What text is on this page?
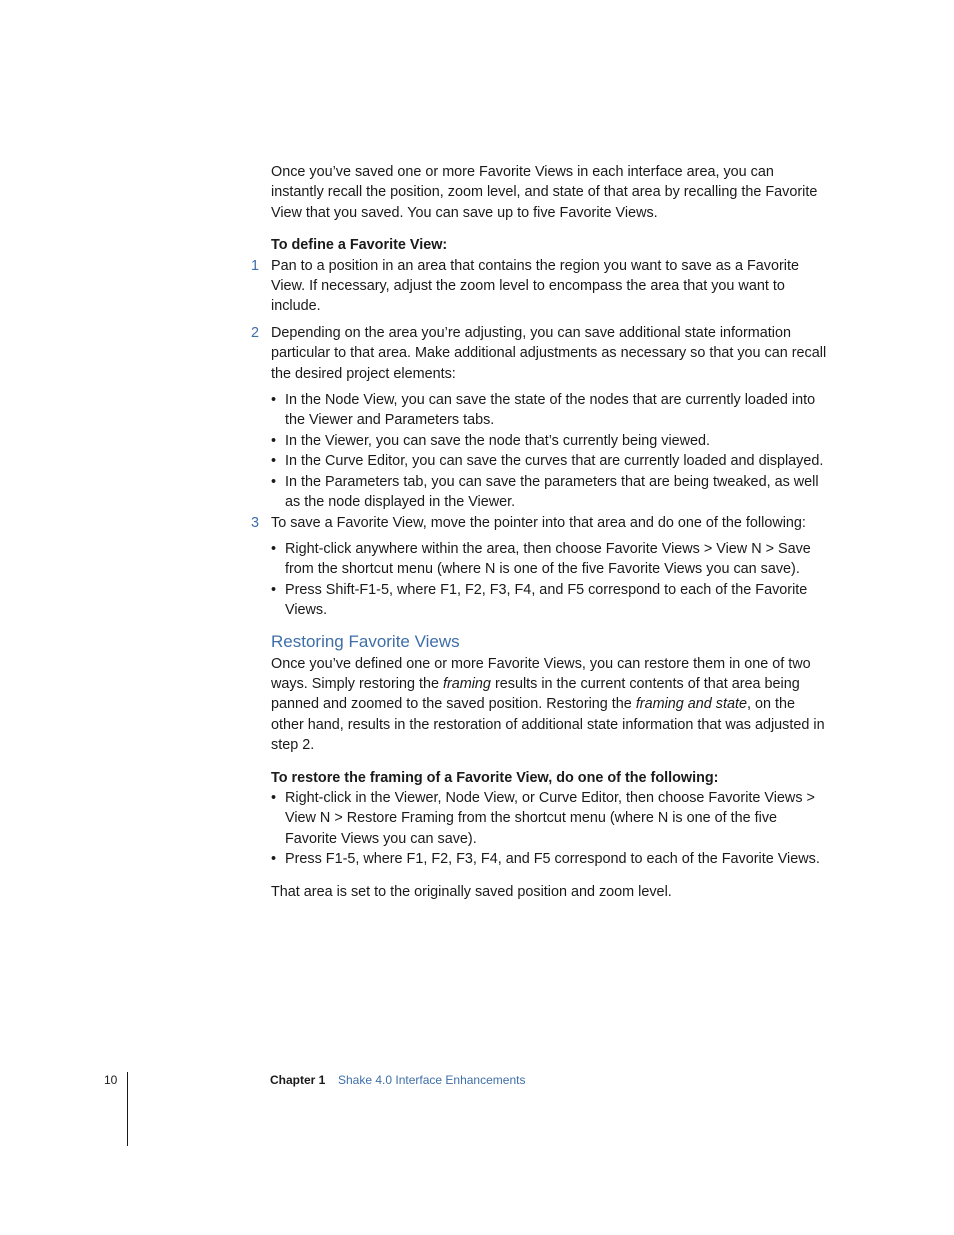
Once you’ve saved one or more Favorite Views in each interface area, you can instantly recall the position, zoom level, and state of that area by recalling the Favorite View that you saved. You can save up to five Favorite Views.

To define a Favorite View:

1 Pan to a position in an area that contains the region you want to save as a Favorite View. If necessary, adjust the zoom level to encompass the area that you want to include.

2 Depending on the area you’re adjusting, you can save additional state information particular to that area. Make additional adjustments as necessary so that you can recall the desired project elements:

• In the Node View, you can save the state of the nodes that are currently loaded into the Viewer and Parameters tabs.
• In the Viewer, you can save the node that’s currently being viewed.
• In the Curve Editor, you can save the curves that are currently loaded and displayed.
• In the Parameters tab, you can save the parameters that are being tweaked, as well as the node displayed in the Viewer.
3 To save a Favorite View, move the pointer into that area and do one of the following:

• Right-click anywhere within the area, then choose Favorite Views > View N > Save from the shortcut menu (where N is one of the five Favorite Views you can save).
• Press Shift-F1-5, where F1, F2, F3, F4, and F5 correspond to each of the Favorite Views.

Restoring Favorite Views

Once you’ve defined one or more Favorite Views, you can restore them in one of two ways. Simply restoring the framing results in the current contents of that area being panned and zoomed to the saved position. Restoring the framing and state, on the other hand, results in the restoration of additional state information that was adjusted in step 2.

To restore the framing of a Favorite View, do one of the following:

• Right-click in the Viewer, Node View, or Curve Editor, then choose Favorite Views > View N > Restore Framing from the shortcut menu (where N is one of the five Favorite Views you can save).
• Press F1-5, where F1, F2, F3, F4, and F5 correspond to each of the Favorite Views.

That area is set to the originally saved position and zoom level.

10	Chapter 1 Shake 4.0 Interface Enhancements
